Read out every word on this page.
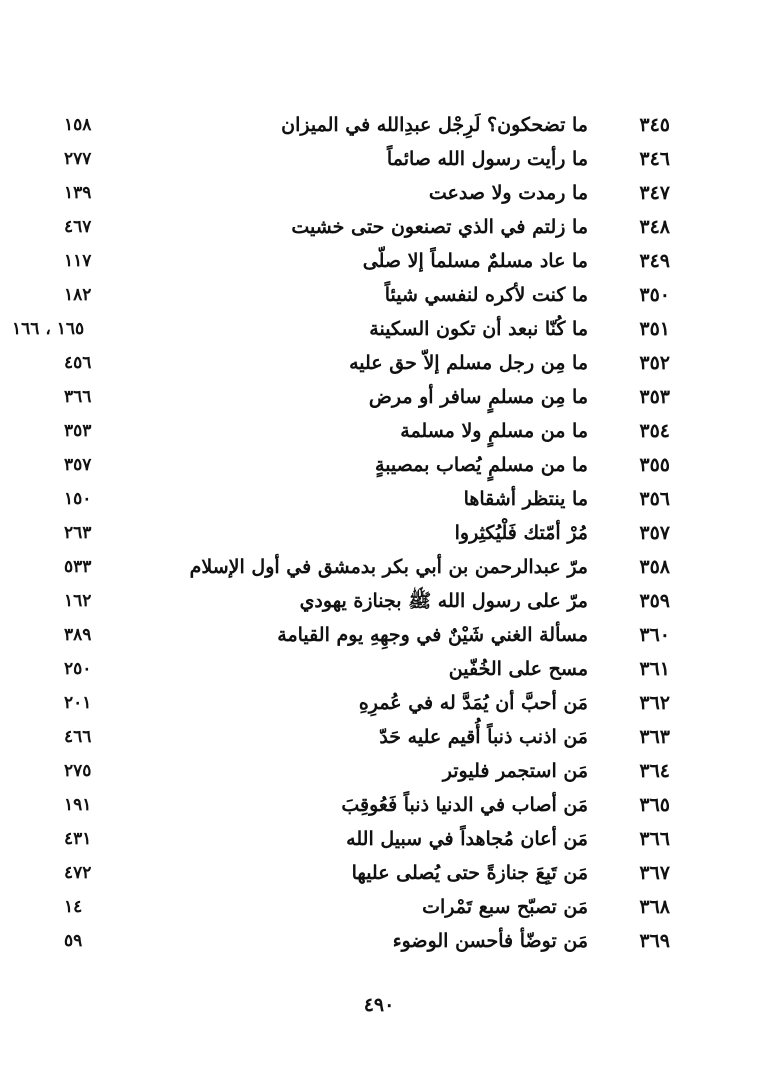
٣٤٥
ما تضحكون؟ لَرِجْل عبدِالله في الميزان
١٥٨
٣٤٦
ما رأيت رسول الله صائماً
٢٧٧
٣٤٧
ما رمدت ولا صدعت
١٣٩
٣٤٨
ما زلتم في الذي تصنعون حتى خشيت
٤٦٧
٣٤٩
ما عاد مسلمٌ مسلماً إلا صلّى
١١٧
٣٥٠
ما كنت لأكره لنفسي شيئاً
١٨٢
٣٥١
ما كُنّا نبعد أن تكون السكينة
١٦٥ ، ١٦٦
٣٥٢
ما مِن رجل مسلم إلاّ حق عليه
٤٥٦
٣٥٣
ما مِن مسلمٍ سافر أو مرض
٣٦٦
٣٥٤
ما من مسلمٍ ولا مسلمة
٣٥٣
٣٥٥
ما من مسلمٍ يُصاب بمصيبةٍ
٣٥٧
٣٥٦
ما ينتظر أشقاها
١٥٠
٣٥٧
مُرْ أمّتك فَلْيُكثِروا
٢٦٣
٣٥٨
مرّ عبدالرحمن بن أبي بكر بدمشق في أول الإسلام
٥٣٣
٣٥٩
مرّ على رسول الله ﷺ بجنازة يهودي
١٦٢
٣٦٠
مسألة الغني شَيْنٌ في وجهِهِ يوم القيامة
٣٨٩
٣٦١
مسح على الخُفّين
٢٥٠
٣٦٢
مَن أحبَّ أن يُمَدَّ له في عُمرِهِ
٢٠١
٣٦٣
مَن اذنب ذنباً أُقيم عليه حَدّ
٤٦٦
٣٦٤
مَن استجمر فليوتر
٢٧٥
٣٦٥
مَن أصاب في الدنيا ذنباً فَعُوقِبَ
١٩١
٣٦٦
مَن أعان مُجاهداً في سبيل الله
٤٣١
٣٦٧
مَن تَبِعَ جنازةً حتى يُصلى عليها
٤٧٢
٣٦٨
مَن تصبّح سبع تَمْرات
١٤
٣٦٩
مَن توضّأ فأحسن الوضوء
٥٩
٤٩٠
